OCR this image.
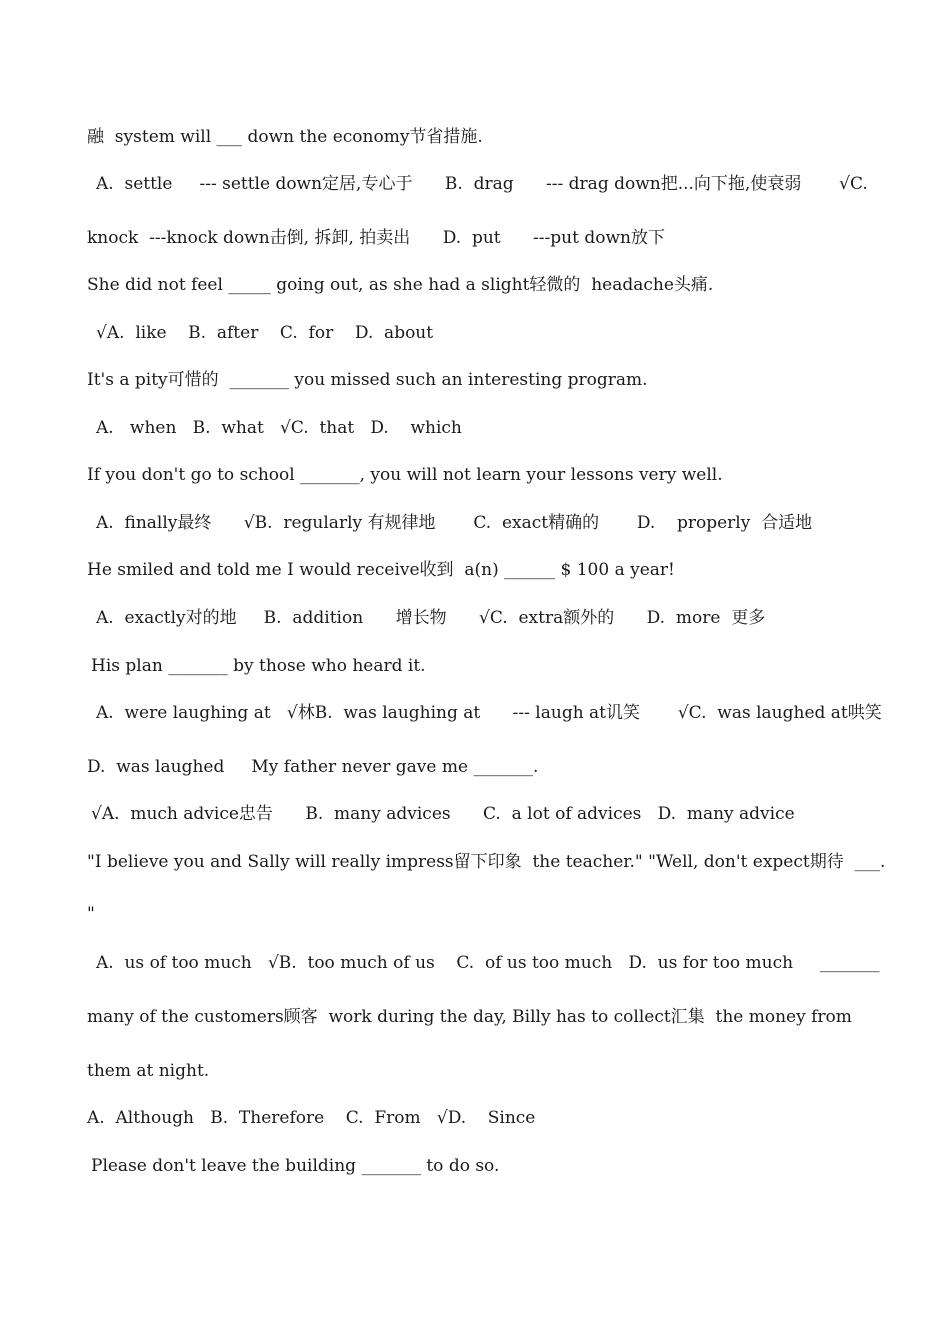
融  system will ___ down the economy节省措施.
A.  settle     --- settle down定居,专心于      B.  drag      --- drag down把...向下拖,使衰弱       √C.
knock  ---knock down击倒, 拆卸, 拍卖出      D.  put      ---put down放下
She did not feel _____ going out, as she had a slight轻微的  headache头痛.
√A.  like    B.  after    C.  for    D.  about
It's a pity可惜的  _______ you missed such an interesting program.
A.   when   B.  what   √C.  that   D.    which
If you don't go to school _______, you will not learn your lessons very well.
A.  finally最终      √B.  regularly 有规律地       C.  exact精确的       D.    properly  合适地
He smiled and told me I would receive收到  a(n) ______ $ 100 a year!
A.  exactly对的地     B.  addition      增长物      √C.  extra额外的      D.  more  更多
His plan _______ by those who heard it.
A.  were laughing at   √林B.  was laughing at      --- laugh at讥笑       √C.  was laughed at哄笑
D.  was laughed     My father never gave me _______.
√A.  much advice忠告      B.  many advices      C.  a lot of advices   D.  many advice
"I believe you and Sally will really impress留下印象  the teacher." "Well, don't expect期待  ___.
"
A.  us of too much   √B.  too much of us    C.  of us too much   D.  us for too much     _______
many of the customers顾客  work during the day, Billy has to collect汇集  the money from
them at night.
A.  Although   B.  Therefore    C.  From   √D.    Since
Please don't leave the building _______ to do so.
